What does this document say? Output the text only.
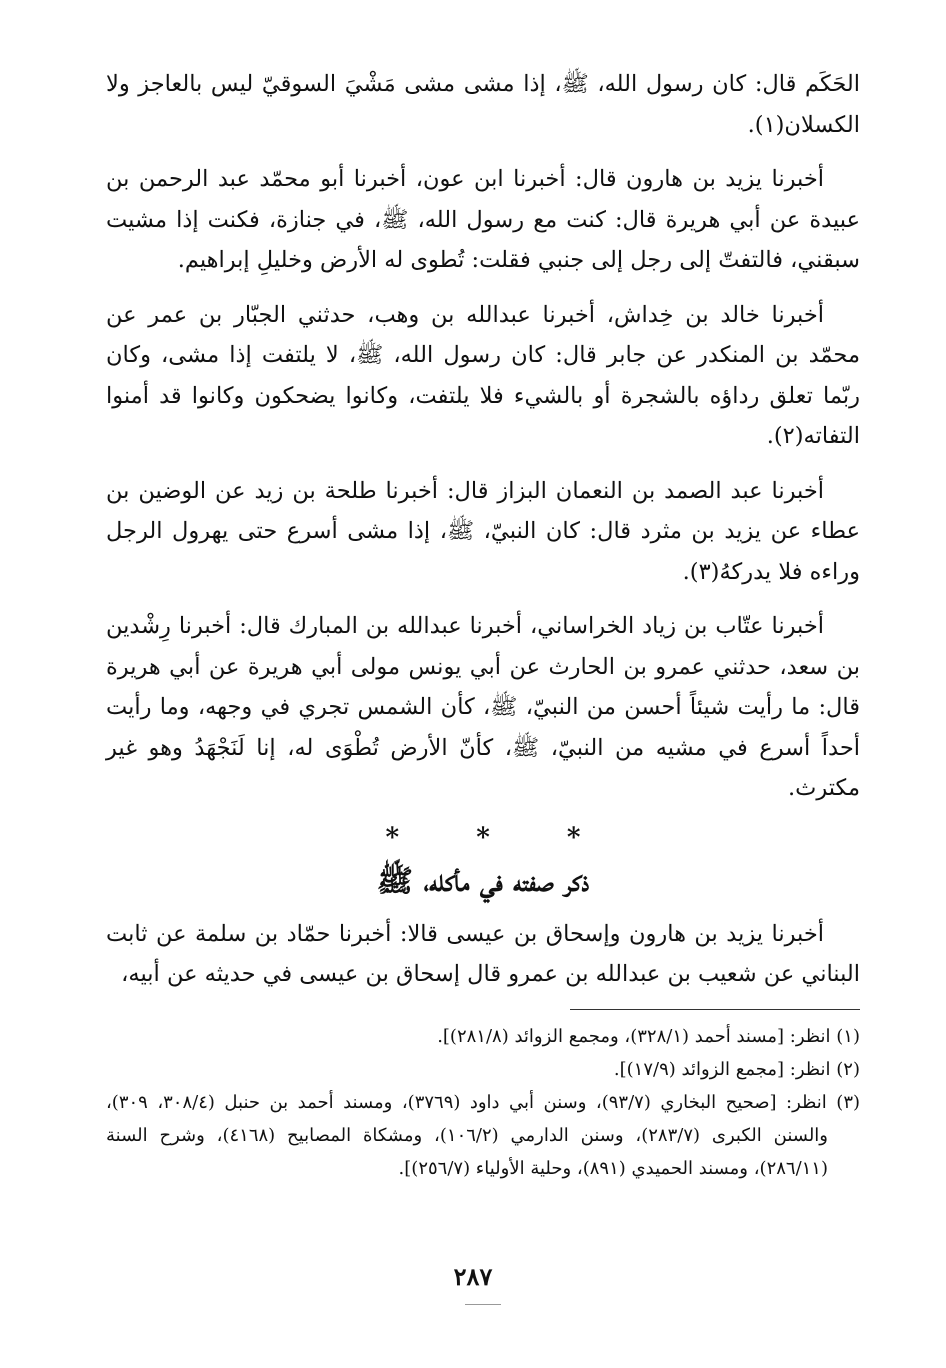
الحَكَم قال: كان رسول الله، ﷺ، إذا مشى مشى مَشْيَ السوقيّ ليس بالعاجز ولا الكسلان(١).

أخبرنا يزيد بن هارون قال: أخبرنا ابن عون، أخبرنا أبو محمّد عبد الرحمن بن عبيدة عن أبي هريرة قال: كنت مع رسول الله، ﷺ، في جنازة، فكنت إذا مشيت سبقني، فالتفتّ إلى رجل إلى جنبي فقلت: تُطوى له الأرض وخليلِ إبراهيم.

أخبرنا خالد بن خِداش، أخبرنا عبدالله بن وهب، حدثني الجبّار بن عمر عن محمّد بن المنكدر عن جابر قال: كان رسول الله، ﷺ، لا يلتفت إذا مشى، وكان ربّما تعلق رداؤه بالشجرة أو بالشيء فلا يلتفت، وكانوا يضحكون وكانوا قد أمنوا التفاته(٢).

أخبرنا عبد الصمد بن النعمان البزاز قال: أخبرنا طلحة بن زيد عن الوضين بن عطاء عن يزيد بن مثرد قال: كان النبيّ، ﷺ، إذا مشى أسرع حتى يهرول الرجل وراءه فلا يدركهُ(٣).

أخبرنا عتّاب بن زياد الخراساني، أخبرنا عبدالله بن المبارك قال: أخبرنا رِشْدين بن سعد، حدثني عمرو بن الحارث عن أبي يونس مولى أبي هريرة عن أبي هريرة قال: ما رأيت شيئاً أحسن من النبيّ، ﷺ، كأن الشمس تجري في وجهه، وما رأيت أحداً أسرع في مشيه من النبيّ، ﷺ، كأنّ الأرض تُطْوَى له، إنا لَنَجْهَدُ وهو غير مكترث.

*	*	*
ذكر صفته في مأكله، ﷺ

أخبرنا يزيد بن هارون وإسحاق بن عيسى قالا: أخبرنا حمّاد بن سلمة عن ثابت البناني عن شعيب بن عبدالله بن عمرو قال إسحاق بن عيسى في حديثه عن أبيه،

(١) انظر: [مسند أحمد (٣٢٨/١)، ومجمع الزوائد (٢٨١/٨)].

(٢) انظر: [مجمع الزوائد (١٧/٩)].

(٣) انظر: [صحيح البخاري (٩٣/٧)، وسنن أبي داود (٣٧٦٩)، ومسند أحمد بن حنبل (٣٠٨/٤، ٣٠٩)، والسنن الكبرى (٢٨٣/٧)، وسنن الدارمي (١٠٦/٢)، ومشكاة المصابيح (٤١٦٨)، وشرح السنة (٢٨٦/١١)، ومسند الحميدي (٨٩١)، وحلية الأولياء (٢٥٦/٧)].

٢٨٧
